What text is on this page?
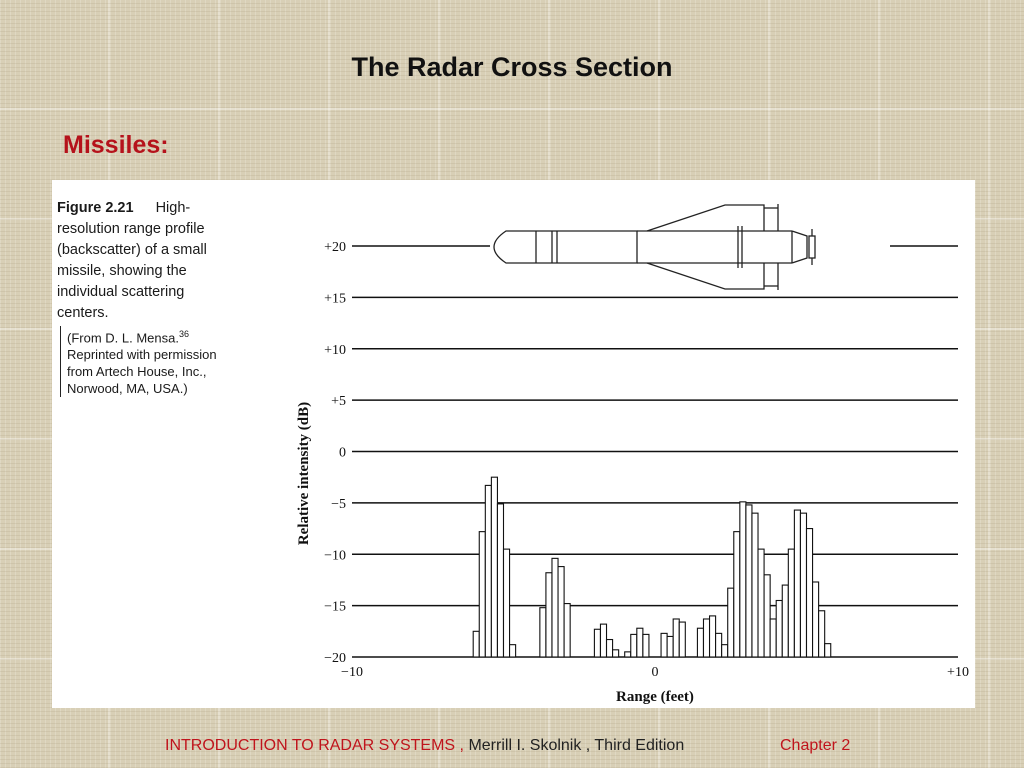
The Radar Cross Section
Missiles:
Figure 2.21 High-resolution range profile (backscatter) of a small missile, showing the individual scattering centers.
(From D. L. Mensa.$^{36}$
Reprinted with permission from Artech House, Inc., Norwood, MA, USA.)
+20
+15
+10
+5
0
−5
−10
−15
−20
−10	0	+10
Range (feet)
Relative intensity (dB)
INTRODUCTION TO RADAR SYSTEMS , Merrill I. Skolnik , Third Edition	Chapter 2
